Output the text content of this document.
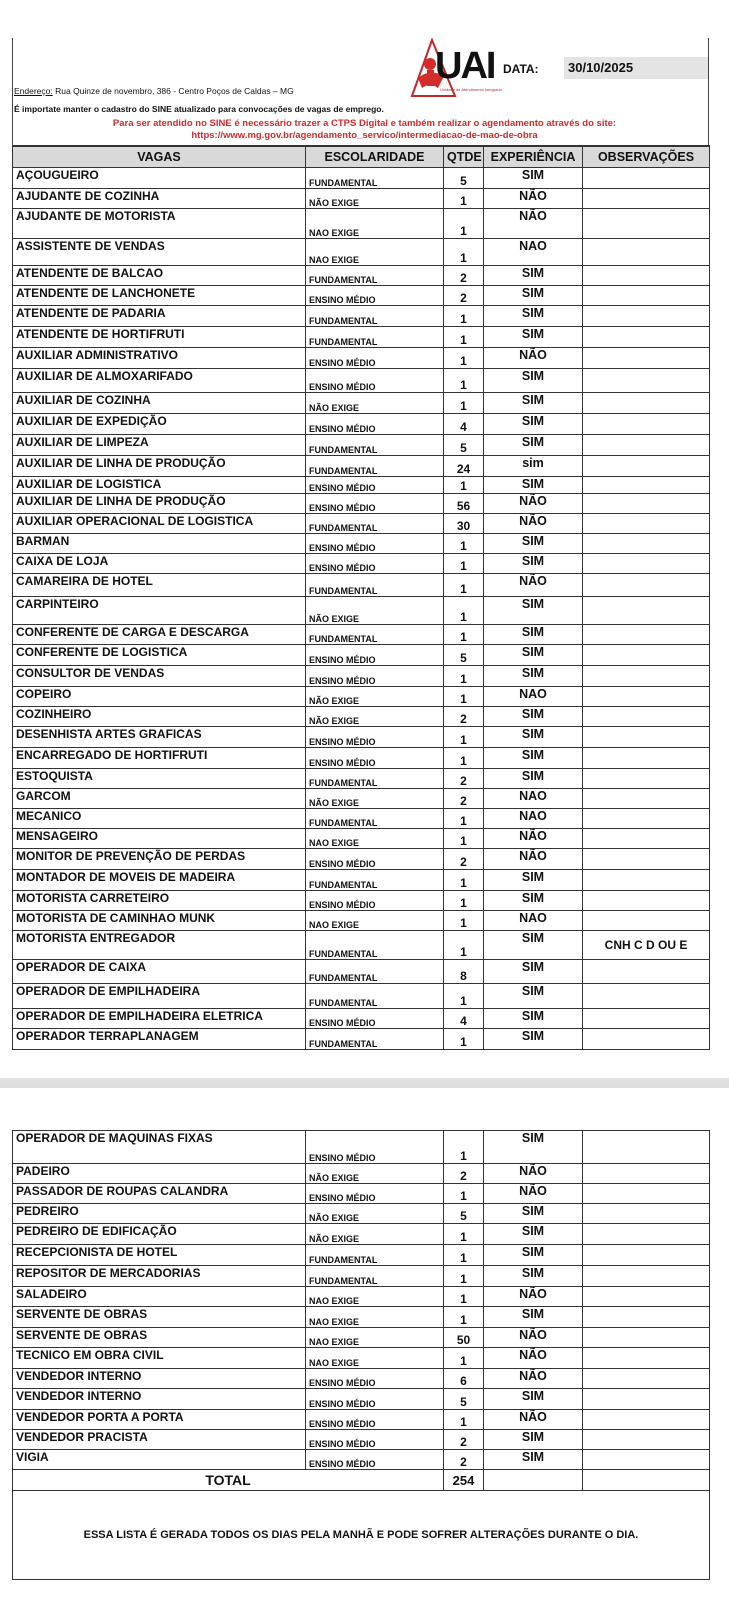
UAI
Unidade de Atendimento Integrado
DATA:	30/10/2025
Endereço: Rua Quinze de novembro, 386 - Centro Poços de Caldas – MG
É importate manter o cadastro do SINE atualizado para convocações de vagas de emprego.
Para ser atendido no SINE é necessário trazer a CTPS Digital e também realizar o agendamento através do site:
https://www.mg.gov.br/agendamento_servico/intermediacao-de-mao-de-obra
VAGAS	ESCOLARIDADE	QTDE	EXPERIÊNCIA	OBSERVAÇÕES
AÇOUGUEIRO	FUNDAMENTAL	5	SIM	
AJUDANTE DE COZINHA	NÃO EXIGE	1	NÃO	
AJUDANTE DE MOTORISTA	NAO EXIGE	1	NÃO	
ASSISTENTE DE VENDAS	NAO EXIGE	1	NAO	
ATENDENTE DE BALCAO	FUNDAMENTAL	2	SIM	
ATENDENTE DE LANCHONETE	ENSINO MÉDIO	2	SIM	
ATENDENTE DE PADARIA	FUNDAMENTAL	1	SIM	
ATENDENTE DE HORTIFRUTI	FUNDAMENTAL	1	SIM	
AUXILIAR ADMINISTRATIVO	ENSINO MÉDIO	1	NÃO	
AUXILIAR DE ALMOXARIFADO	ENSINO MÉDIO	1	SIM	
AUXILIAR DE COZINHA	NÃO EXIGE	1	SIM	
AUXILIAR DE EXPEDIÇÃO	ENSINO MÉDIO	4	SIM	
AUXILIAR DE LIMPEZA	FUNDAMENTAL	5	SIM	
AUXILIAR DE LINHA DE PRODUÇÃO	FUNDAMENTAL	24	sim	
AUXILIAR DE LOGISTICA	ENSINO MÉDIO	1	SIM	
AUXILIAR DE LINHA DE PRODUÇÃO	ENSINO MÉDIO	56	NÃO	
AUXILIAR OPERACIONAL DE LOGISTICA	FUNDAMENTAL	30	NÃO	
BARMAN	ENSINO MÉDIO	1	SIM	
CAIXA DE LOJA	ENSINO MÉDIO	1	SIM	
CAMAREIRA DE HOTEL	FUNDAMENTAL	1	NÃO	
CARPINTEIRO	NÃO EXIGE	1	SIM	
CONFERENTE DE CARGA E DESCARGA	FUNDAMENTAL	1	SIM	
CONFERENTE DE LOGISTICA	ENSINO MÉDIO	5	SIM	
CONSULTOR DE VENDAS	ENSINO MÉDIO	1	SIM	
COPEIRO	NÃO EXIGE	1	NAO	
COZINHEIRO	NÃO EXIGE	2	SIM	
DESENHISTA ARTES GRAFICAS	ENSINO MÉDIO	1	SIM	
ENCARREGADO DE HORTIFRUTI	ENSINO MÉDIO	1	SIM	
ESTOQUISTA	FUNDAMENTAL	2	SIM	
GARCOM	NÃO EXIGE	2	NAO	
MECANICO	FUNDAMENTAL	1	NAO	
MENSAGEIRO	NAO EXIGE	1	NÃO	
MONITOR DE PREVENÇÃO DE PERDAS	ENSINO MÉDIO	2	NÃO	
MONTADOR DE MOVEIS DE MADEIRA	FUNDAMENTAL	1	SIM	
MOTORISTA CARRETEIRO	ENSINO MÉDIO	1	SIM	
MOTORISTA DE CAMINHAO MUNK	NAO EXIGE	1	NAO	
MOTORISTA ENTREGADOR	FUNDAMENTAL	1	SIM	CNH C D OU E
OPERADOR DE CAIXA	FUNDAMENTAL	8	SIM	
OPERADOR DE EMPILHADEIRA	FUNDAMENTAL	1	SIM	
OPERADOR DE EMPILHADEIRA ELETRICA	ENSINO MÉDIO	4	SIM	
OPERADOR TERRAPLANAGEM	FUNDAMENTAL	1	SIM	
OPERADOR DE MAQUINAS FIXAS	ENSINO MÉDIO	1	SIM	
PADEIRO	NÃO EXIGE	2	NÃO	
PASSADOR DE ROUPAS CALANDRA	ENSINO MÉDIO	1	NÃO	
PEDREIRO	NÃO EXIGE	5	SIM	
PEDREIRO DE EDIFICAÇÃO	NÃO EXIGE	1	SIM	
RECEPCIONISTA DE HOTEL	FUNDAMENTAL	1	SIM	
REPOSITOR DE MERCADORIAS	FUNDAMENTAL	1	SIM	
SALADEIRO	NAO EXIGE	1	NÃO	
SERVENTE DE OBRAS	NAO EXIGE	1	SIM	
SERVENTE DE OBRAS	NAO EXIGE	50	NÃO	
TECNICO EM OBRA CIVIL	NAO EXIGE	1	NÃO	
VENDEDOR INTERNO	ENSINO MÉDIO	6	NÃO	
VENDEDOR INTERNO	ENSINO MÉDIO	5	SIM	
VENDEDOR PORTA A PORTA	ENSINO MÉDIO	1	NÃO	
VENDEDOR PRACISTA	ENSINO MÉDIO	2	SIM	
VIGIA	ENSINO MÉDIO	2	SIM	
TOTAL		254		
ESSA LISTA É GERADA TODOS OS DIAS PELA MANHÃ E PODE SOFRER ALTERAÇÕES DURANTE O DIA.				
